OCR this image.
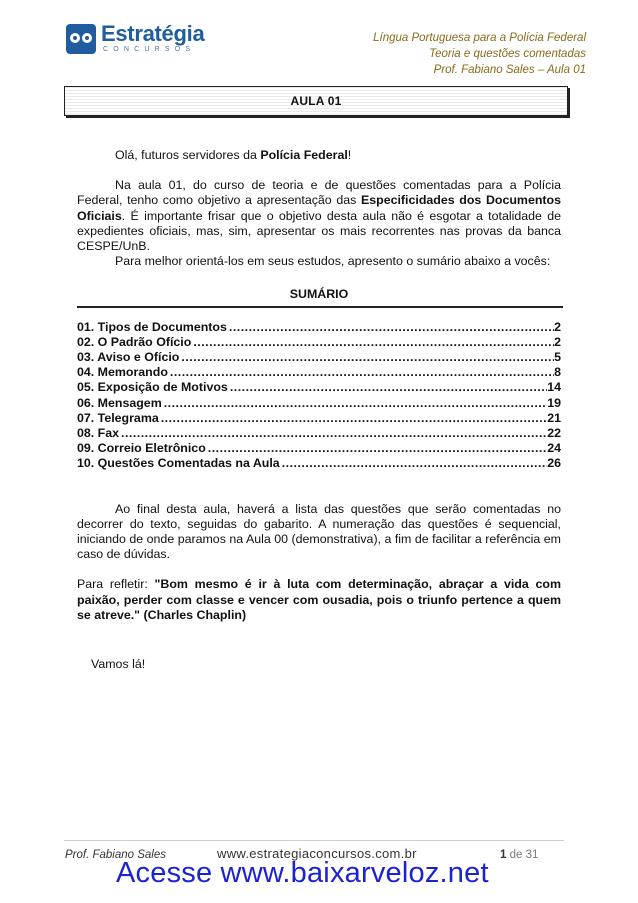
Estratégia
CONCURSOS
Língua Portuguesa para a Polícia Federal
Teoria e questões comentadas
Prof. Fabiano Sales – Aula 01
AULA 01

Olá, futuros servidores da Polícia Federal!

Na aula 01, do curso de teoria e de questões comentadas para a Polícia Federal, tenho como objetivo a apresentação das Especificidades dos Documentos Oficiais. É importante frisar que o objetivo desta aula não é esgotar a totalidade de expedientes oficiais, mas, sim, apresentar os mais recorrentes nas provas da banca CESPE/UnB.

Para melhor orientá-los em seus estudos, apresento o sumário abaixo a vocês:

SUMÁRIO
01. Tipos de Documentos .....	2
02. O Padrão Ofício .....	2
03. Aviso e Ofício .....	5
04. Memorando .....	8
05. Exposição de Motivos .....	14
06. Mensagem .....	19
07. Telegrama .....	21
08. Fax .....	22
09. Correio Eletrônico .....	24
10. Questões Comentadas na Aula .....	26

Ao final desta aula, haverá a lista das questões que serão comentadas no decorrer do texto, seguidas do gabarito. A numeração das questões é sequencial, iniciando de onde paramos na Aula 00 (demonstrativa), a fim de facilitar a referência em caso de dúvidas.

Para refletir: "Bom mesmo é ir à luta com determinação, abraçar a vida com paixão, perder com classe e vencer com ousadia, pois o triunfo pertence a quem se atreve." (Charles Chaplin)

Vamos lá!

Prof. Fabiano Sales	www.estrategiaconcursos.com.br	1 de 31
Acesse www.baixarveloz.net
